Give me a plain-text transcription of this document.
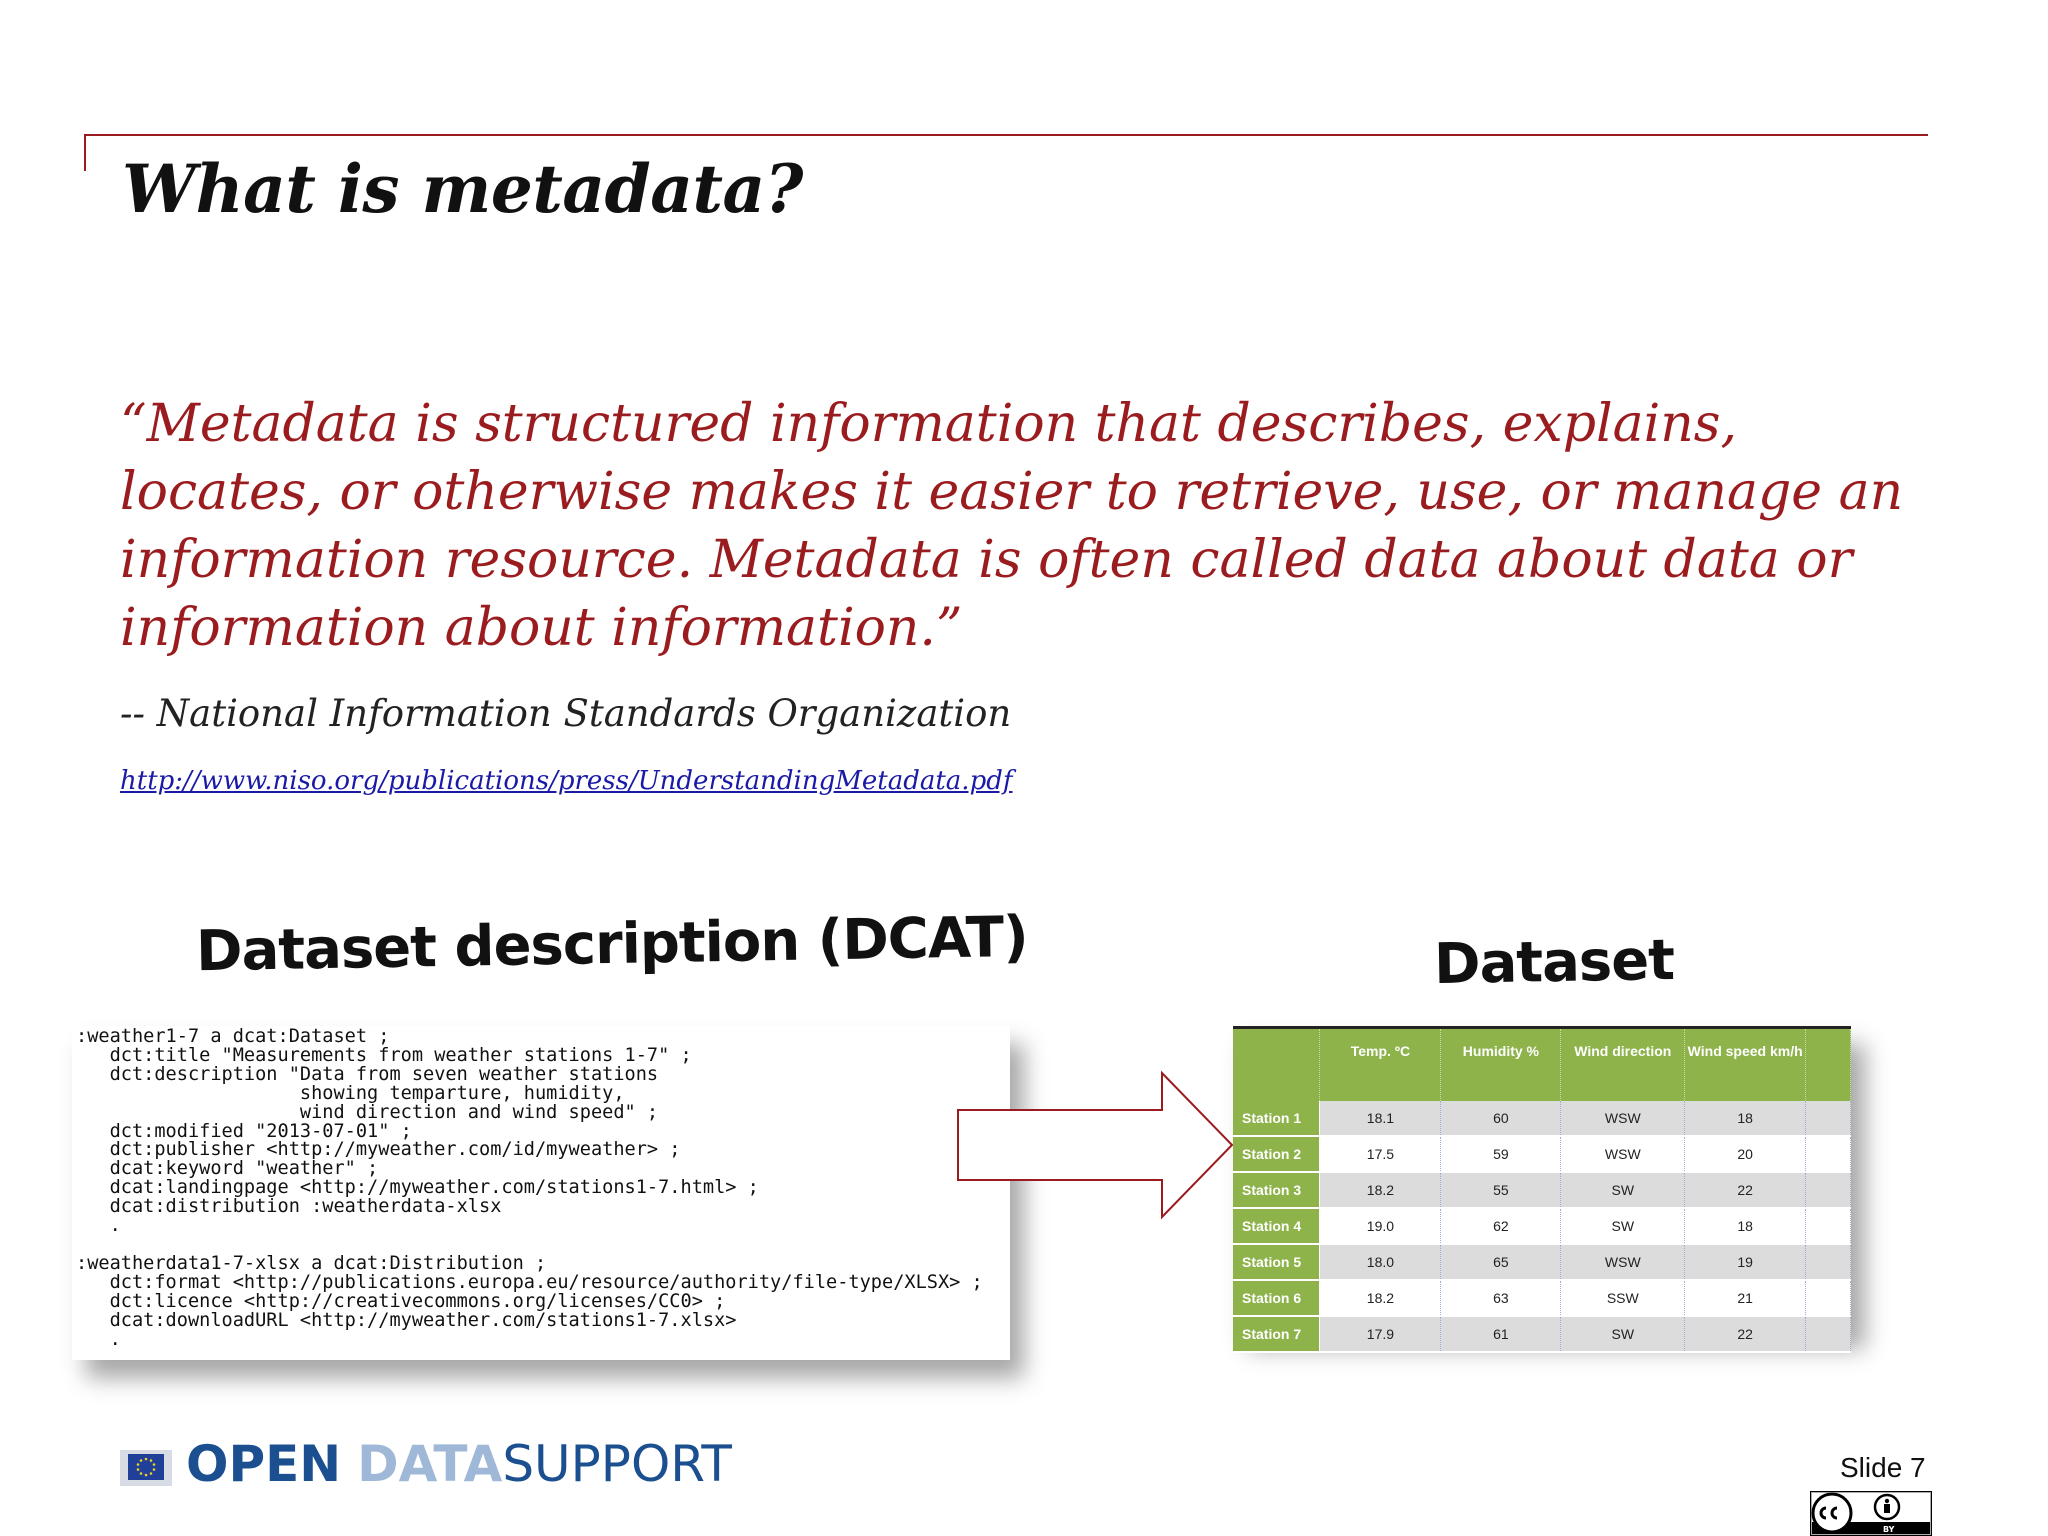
What is metadata?

“Metadata is structured information that describes, explains, locates, or otherwise makes it easier to retrieve, use, or manage an information resource. Metadata is often called data about data or information about information.”

-- National Information Standards Organization

http://www.niso.org/publications/press/UnderstandingMetadata.pdf
Dataset description (DCAT)	Dataset
:weather1-7 a dcat:Dataset ;
dct:title "Measurements from weather stations 1-7" ;
dct:description "Data from seven weather stations
showing temparture, humidity,
wind direction and wind speed" ;
dct:modified "2013-07-01" ;
dct:publisher <http://myweather.com/id/myweather> ;
dcat:keyword "weather" ;
dcat:landingpage <http://myweather.com/stations1-7.html> ;
dcat:distribution :weatherdata-xlsx
.

:weatherdata1-7-xlsx a dcat:Distribution ;
dct:format <http://publications.europa.eu/resource/authority/file-type/XLSX> ;
dct:licence <http://creativecommons.org/licenses/CC0> ;
dcat:downloadURL <http://myweather.com/stations1-7.xlsx>
.
	Temp. ºC	Humidity %	Wind direction	Wind speed km/h	
Station 1	18.1	60	WSW	18	
Station 2	17.5	59	WSW	20	
Station 3	18.2	55	SW	22	
Station 4	19.0	62	SW	18	
Station 5	18.0	65	WSW	19	
Station 6	18.2	63	SSW	21	
Station 7	17.9	61	SW	22	
OPEN DATASUPPORT	Slide 7
BY
